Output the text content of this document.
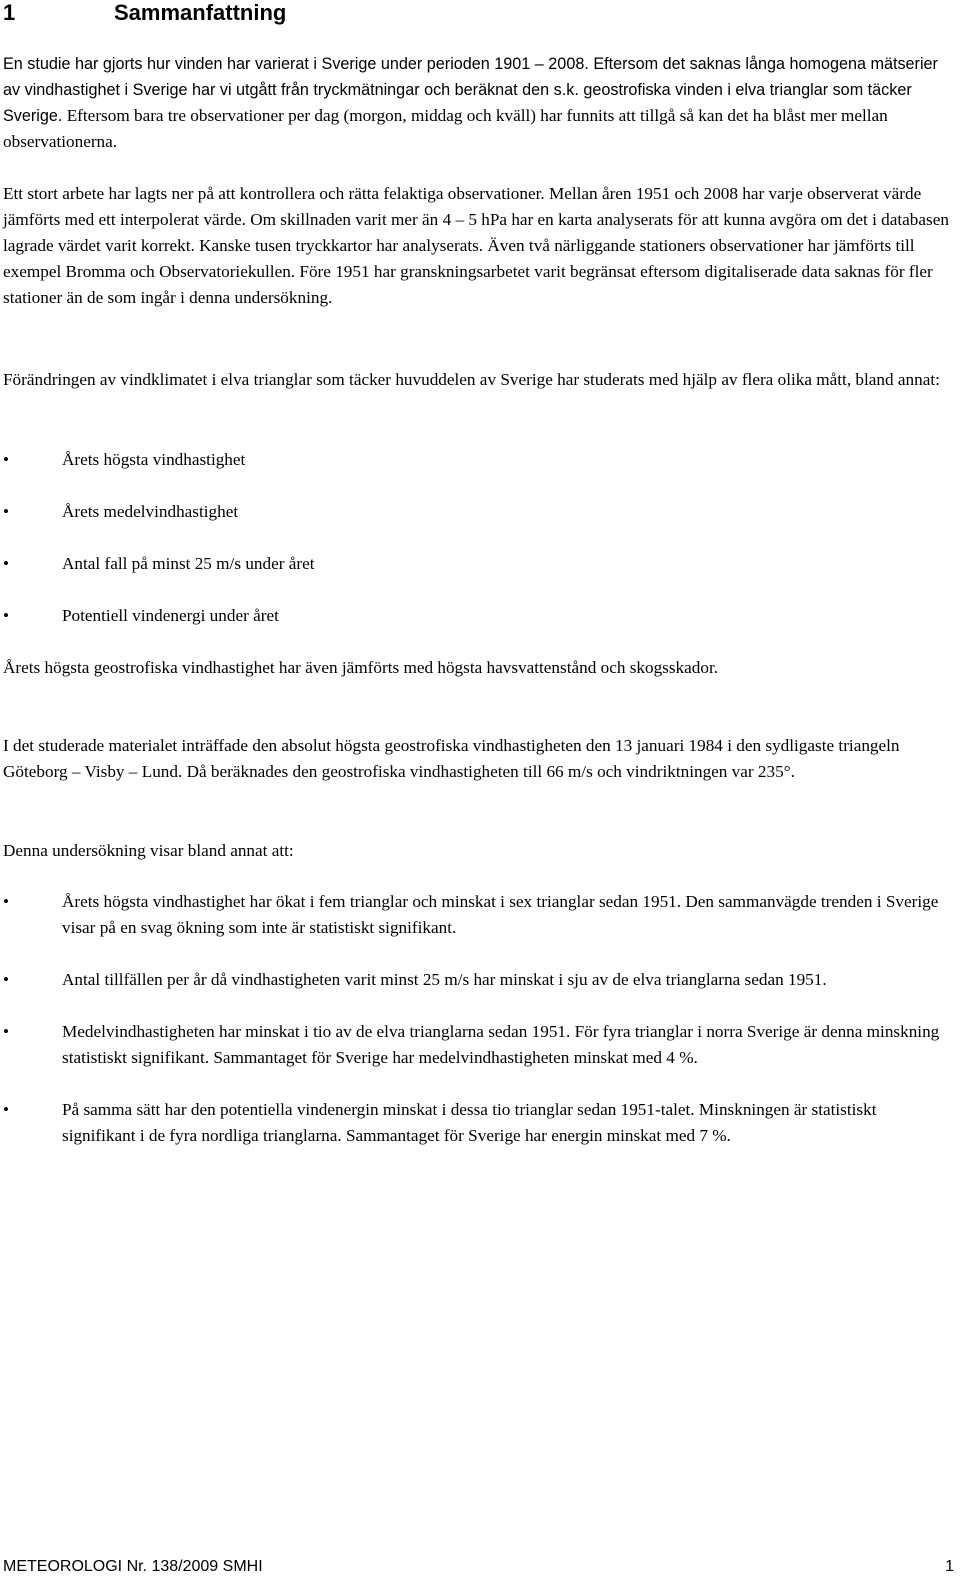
1	Sammanfattning

En studie har gjorts hur vinden har varierat i Sverige under perioden 1901 – 2008. Eftersom det saknas långa homogena mätserier av vindhastighet i Sverige har vi utgått från tryckmätningar och beräknat den s.k. geostrofiska vinden i elva trianglar som täcker Sverige. Eftersom bara tre observationer per dag (morgon, middag och kväll) har funnits att tillgå så kan det ha blåst mer mellan observationerna.

Ett stort arbete har lagts ner på att kontrollera och rätta felaktiga observationer. Mellan åren 1951 och 2008 har varje observerat värde jämförts med ett interpolerat värde. Om skillnaden varit mer än 4 – 5 hPa har en karta analyserats för att kunna avgöra om det i databasen lagrade värdet varit korrekt. Kanske tusen tryckkartor har analyserats. Även två närliggande stationers observationer har jämförts till exempel Bromma och Observatoriekullen. Före 1951 har granskningsarbetet varit begränsat eftersom digitaliserade data saknas för fler stationer än de som ingår i denna undersökning.

Förändringen av vindklimatet i elva trianglar som täcker huvuddelen av Sverige har studerats med hjälp av flera olika mått, bland annat:

•	Årets högsta vindhastighet
•	Årets medelvindhastighet
•	Antal fall på minst 25 m/s under året
•	Potentiell vindenergi under året

Årets högsta geostrofiska vindhastighet har även jämförts med högsta havsvattenstånd och skogsskador.

I det studerade materialet inträffade den absolut högsta geostrofiska vindhastigheten den 13 januari 1984 i den sydligaste triangeln Göteborg – Visby – Lund. Då beräknades den geostrofiska vindhastigheten till 66 m/s och vindriktningen var 235°.

Denna undersökning visar bland annat att:

•	Årets högsta vindhastighet har ökat i fem trianglar och minskat i sex trianglar sedan 1951. Den sammanvägde trenden i Sverige visar på en svag ökning som inte är statistiskt signifikant.
•	Antal tillfällen per år då vindhastigheten varit minst 25 m/s har minskat i sju av de elva trianglarna sedan 1951.
•	Medelvindhastigheten har minskat i tio av de elva trianglarna sedan 1951. För fyra trianglar i norra Sverige är denna minskning statistiskt signifikant. Sammantaget för Sverige har medelvindhastigheten minskat med 4 %.
•	På samma sätt har den potentiella vindenergin minskat i dessa tio trianglar sedan 1951-talet. Minskningen är statistiskt signifikant i de fyra nordliga trianglarna. Sammantaget för Sverige har energin minskat med 7 %.
METEOROLOGI Nr. 138/2009 SMHI	1
